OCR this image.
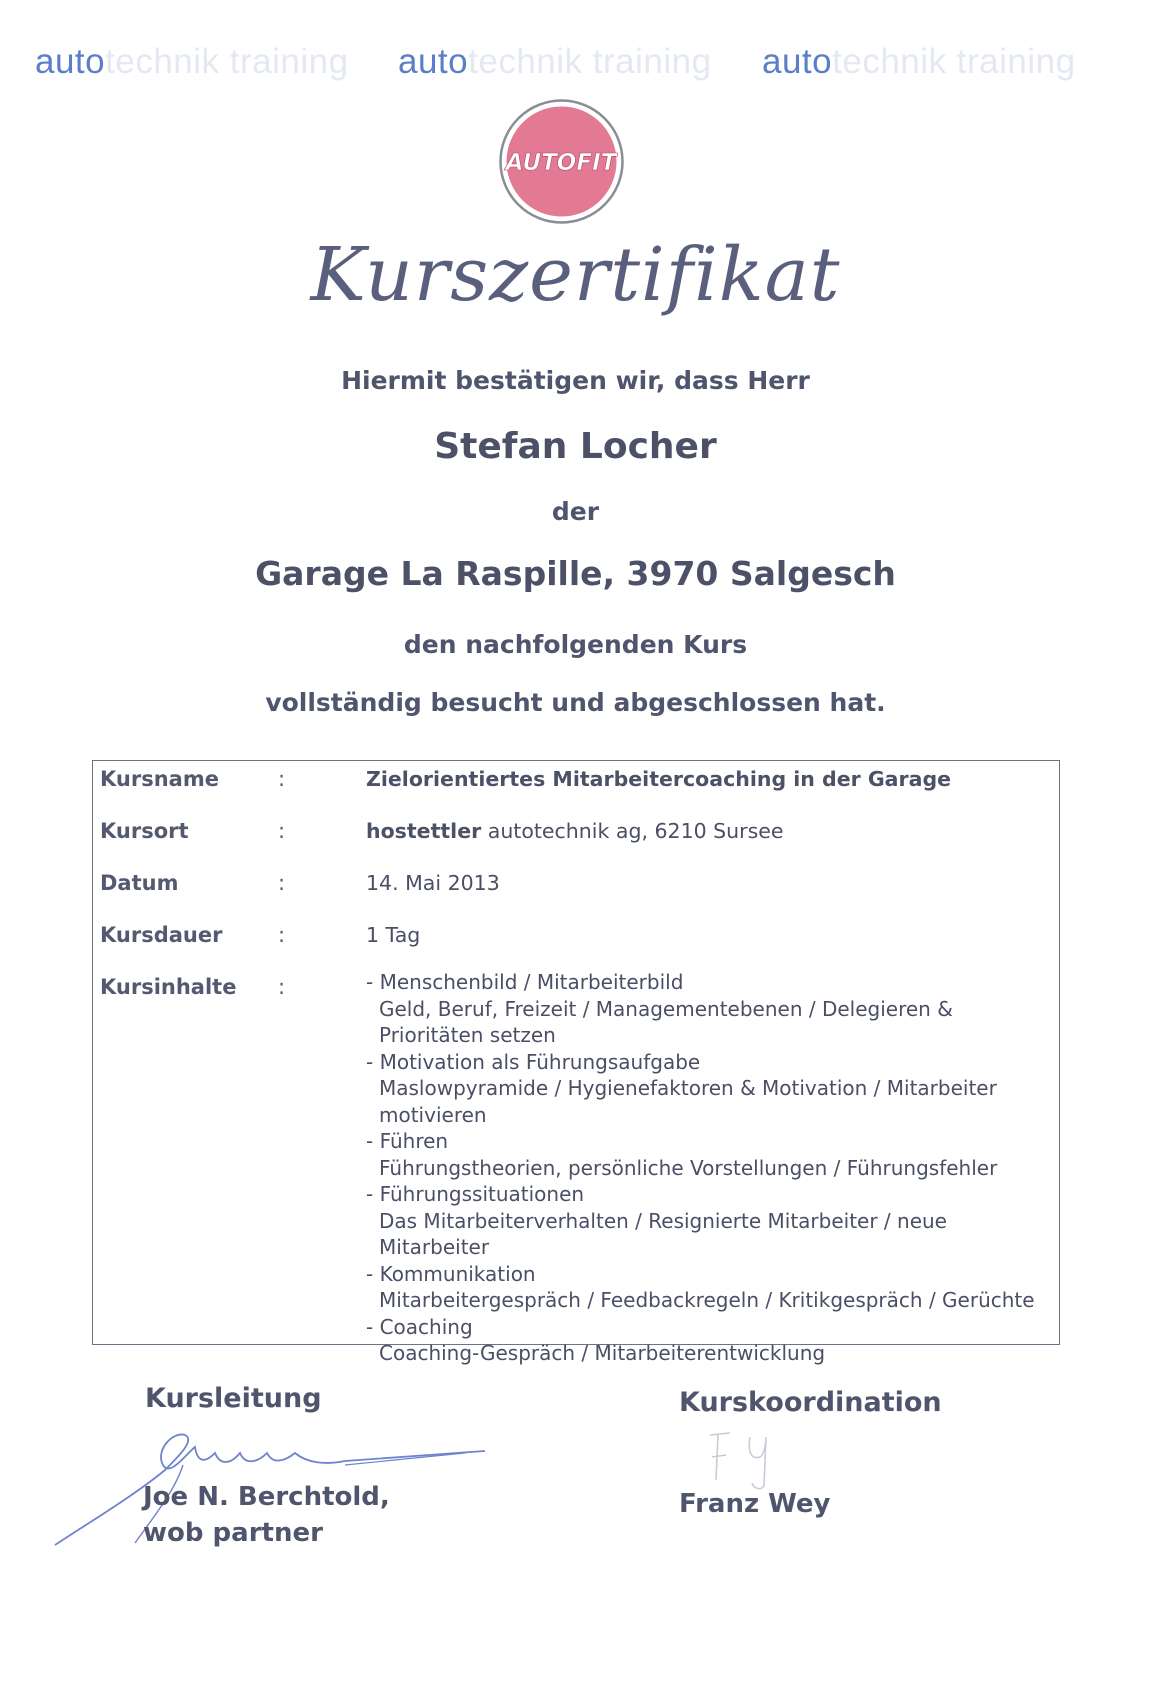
autotechnik training autotechnik training autotechnik training
AUTOFIT
Kurszertifikat
Hiermit bestätigen wir, dass Herr
Stefan Locher
der
Garage La Raspille, 3970 Salgesch
den nachfolgenden Kurs
vollständig besucht und abgeschlossen hat.
Kursname	:	Zielorientiertes Mitarbeitercoaching in der Garage
Kursort	:	hostettler autotechnik ag, 6210 Sursee
Datum	:	14. Mai 2013
Kursdauer	:	1 Tag
Kursinhalte :
-	Menschenbild / Mitarbeiterbild
Geld, Beruf, Freizeit / Managementebenen / Delegieren & Prioritäten setzen
- Motivation als Führungsaufgabe
Maslowpyramide / Hygienefaktoren & Motivation / Mitarbeiter motivieren
- Führen
Führungstheorien, persönliche Vorstellungen / Führungsfehler
- Führungssituationen
Das Mitarbeiterverhalten / Resignierte Mitarbeiter / neue Mitarbeiter
- Kommunikation
Mitarbeitergespräch / Feedbackregeln / Kritikgespräch / Gerüchte
- Coaching
Coaching-Gespräch / Mitarbeiterentwicklung
Kursleitung
Joe N. Berchtold,
wob partner
Kurskoordination
Franz Wey
